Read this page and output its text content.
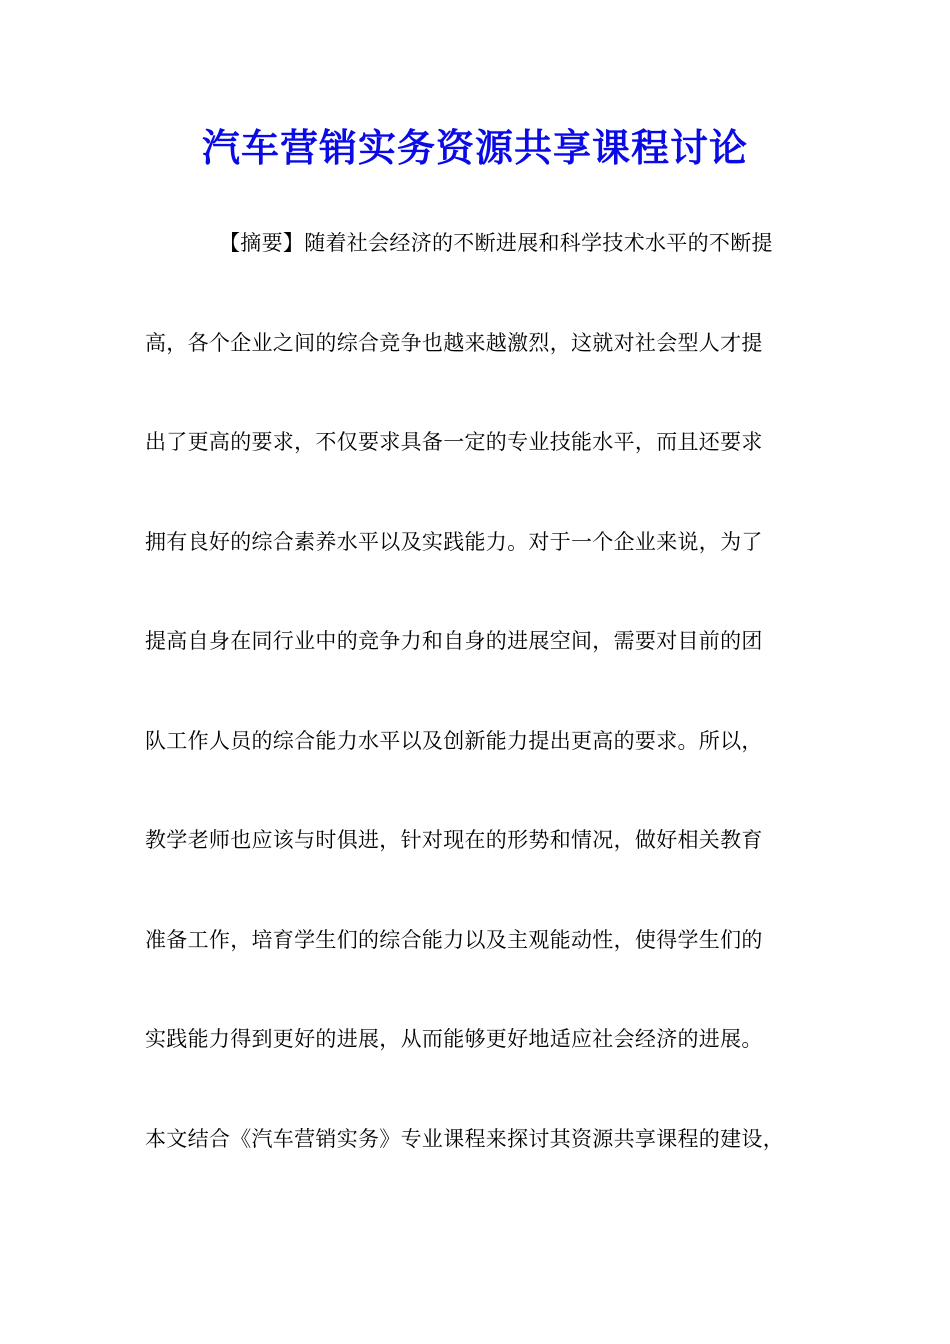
汽车营销实务资源共享课程讨论
【摘要】随着社会经济的不断进展和科学技术水平的不断提
高，各个企业之间的综合竞争也越来越激烈，这就对社会型人才提
出了更高的要求，不仅要求具备一定的专业技能水平，而且还要求
拥有良好的综合素养水平以及实践能力。对于一个企业来说，为了
提高自身在同行业中的竞争力和自身的进展空间，需要对目前的团
队工作人员的综合能力水平以及创新能力提出更高的要求。所以，
教学老师也应该与时俱进，针对现在的形势和情况，做好相关教育
准备工作，培育学生们的综合能力以及主观能动性，使得学生们的
实践能力得到更好的进展，从而能够更好地适应社会经济的进展。
本文结合《汽车营销实务》专业课程来探讨其资源共享课程的建设，
